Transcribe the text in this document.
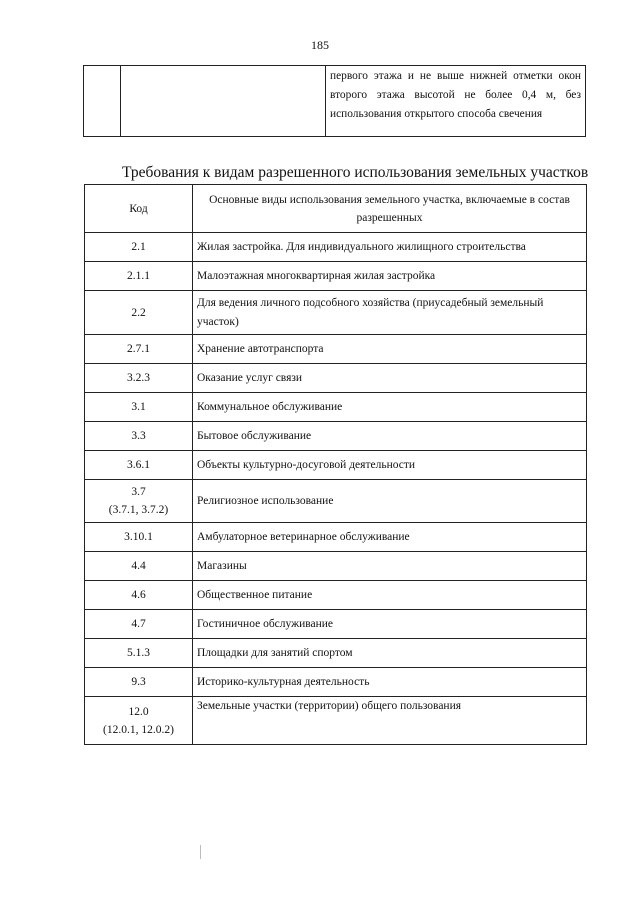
185
		первого этажа и не выше нижней отметки окон второго этажа высотой не более 0,4 м, без использования открытого способа свечения
Требования к видам разрешенного использования земельных участков
Код	Основные виды использования земельного участка, включаемые в состав разрешенных
2.1	Жилая застройка. Для индивидуального жилищного строительства
2.1.1	Малоэтажная многоквартирная жилая застройка
2.2	Для ведения личного подсобного хозяйства (приусадебный земельный участок)
2.7.1	Хранение автотранспорта
3.2.3	Оказание услуг связи
3.1	Коммунальное обслуживание
3.3	Бытовое обслуживание
3.6.1	Объекты культурно-досуговой деятельности
3.7
(3.7.1, 3.7.2)	Религиозное использование
3.10.1	Амбулаторное ветеринарное обслуживание
4.4	Магазины
4.6	Общественное питание
4.7	Гостиничное обслуживание
5.1.3	Площадки для занятий спортом
9.3	Историко-культурная деятельность
12.0
(12.0.1, 12.0.2)	Земельные участки (территории) общего пользования
